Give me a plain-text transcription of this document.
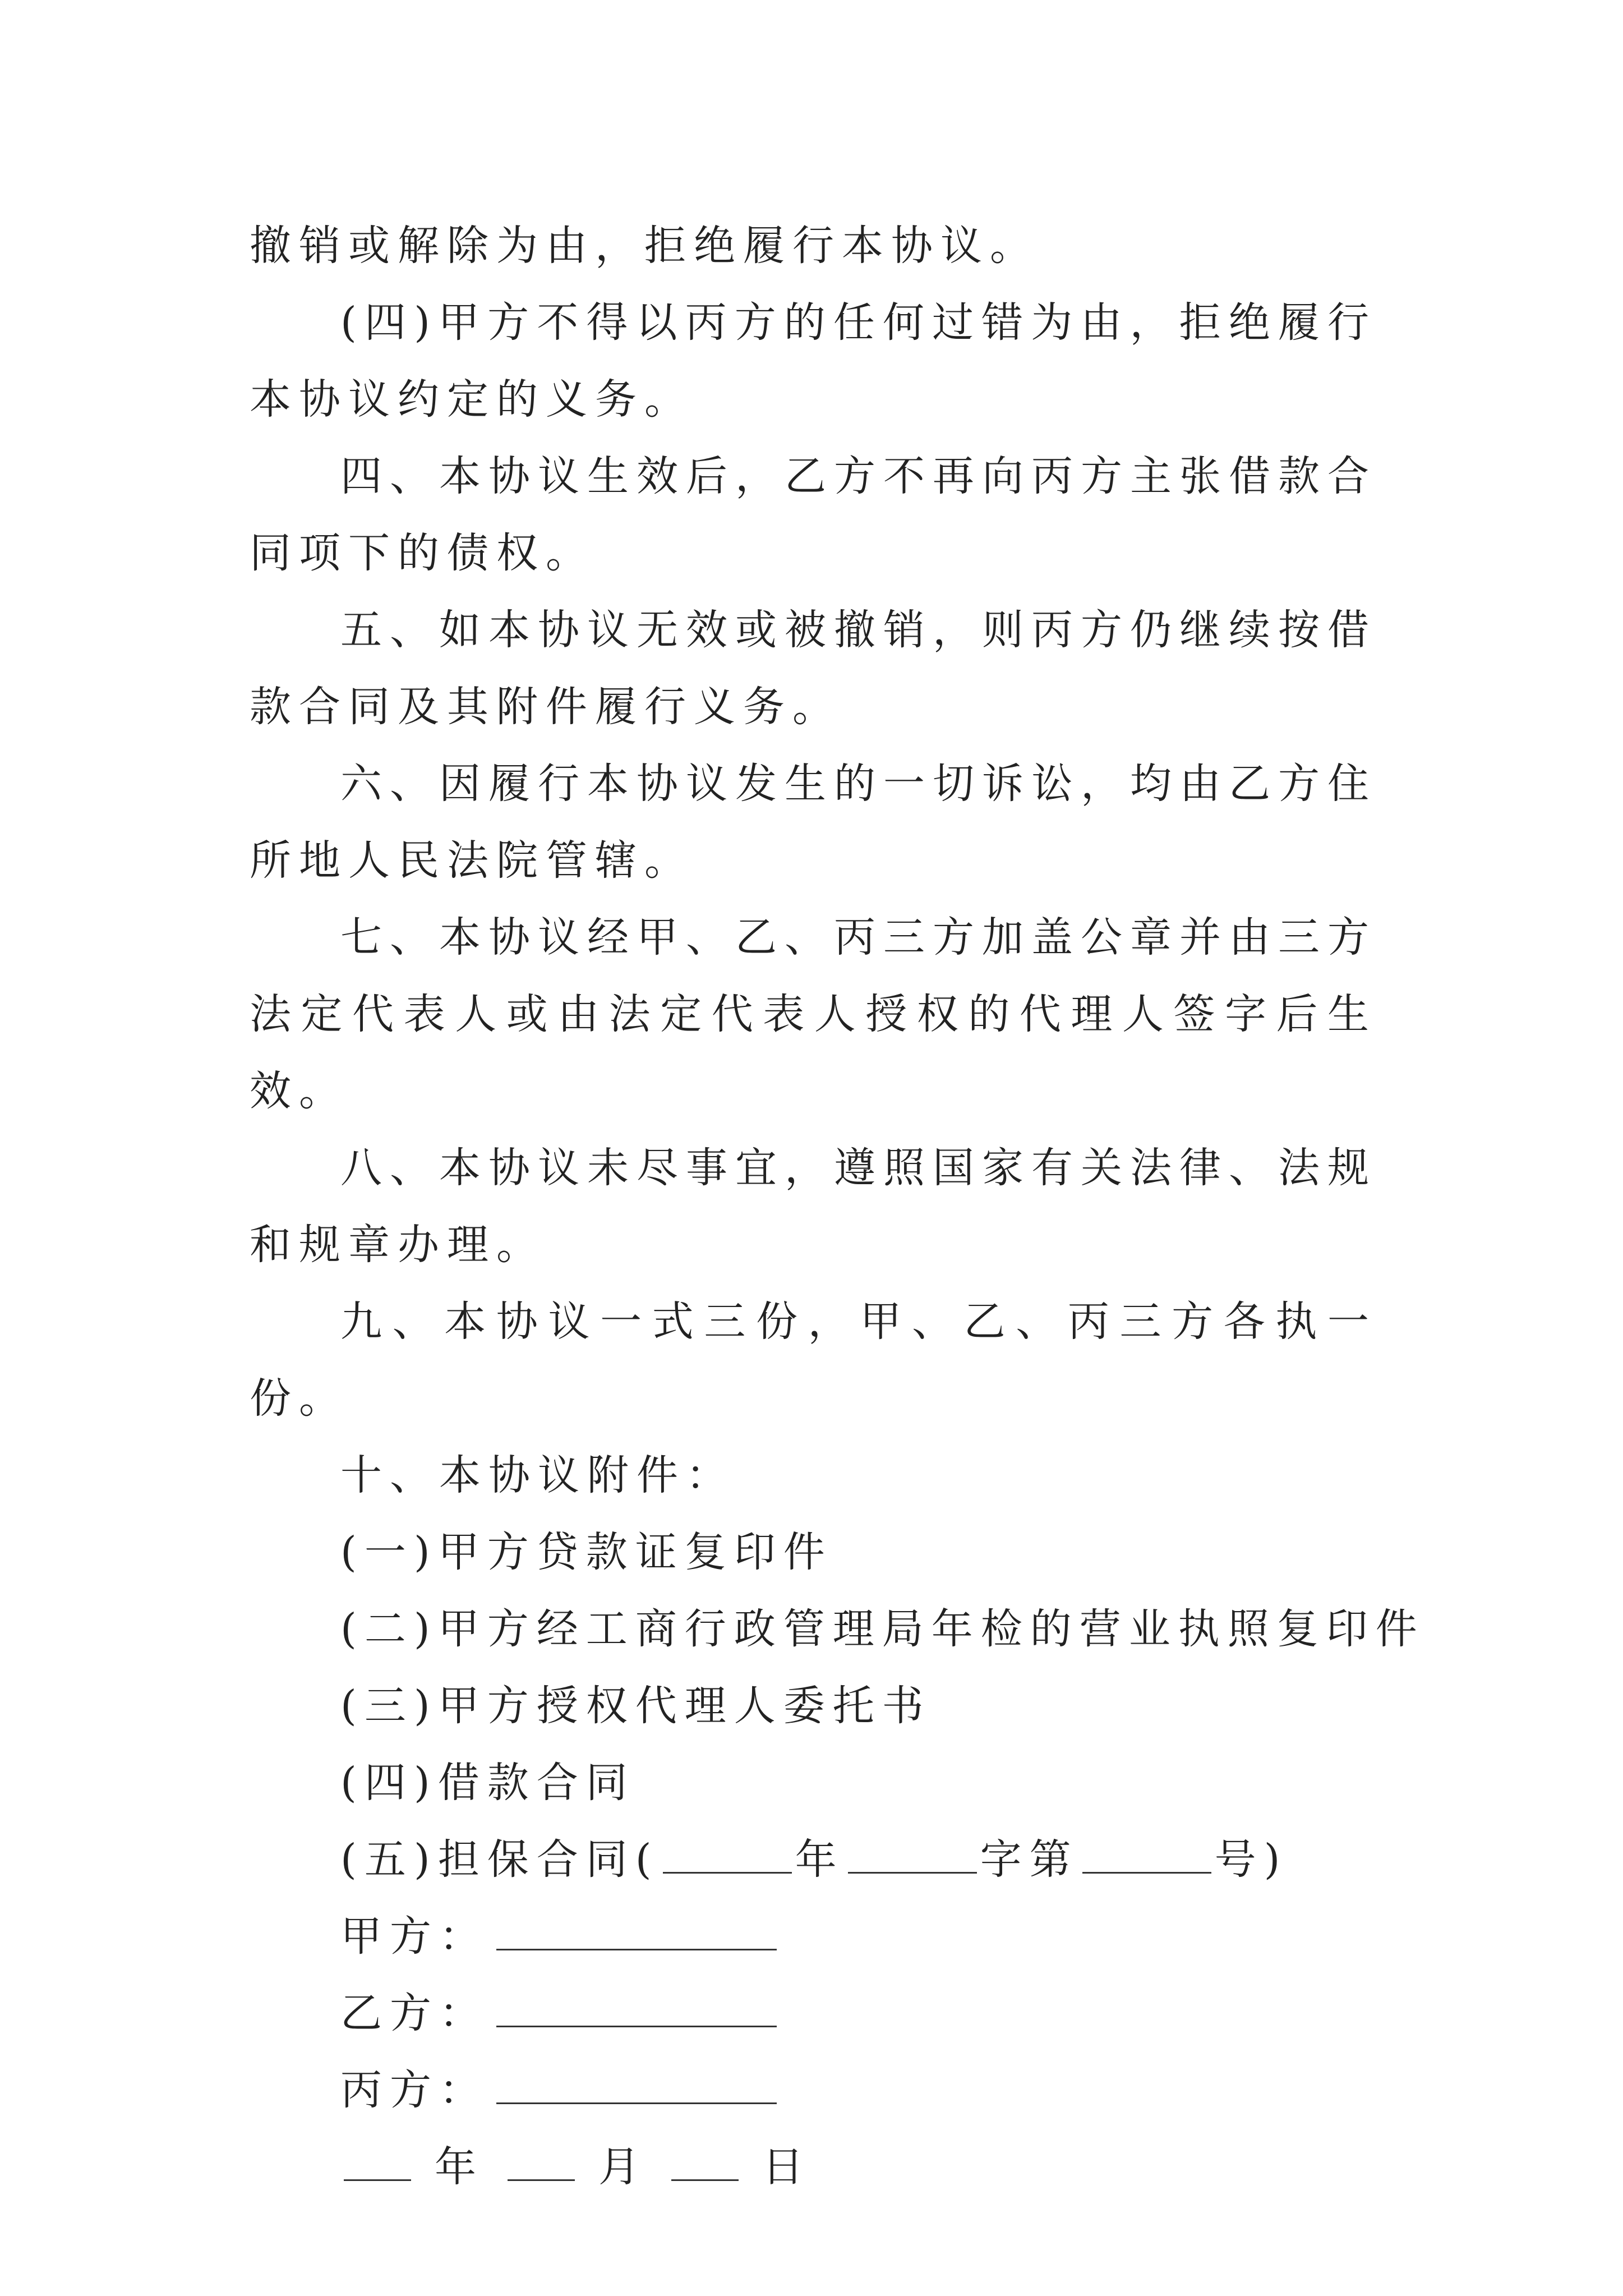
撤销或解除为由，拒绝履行本协议。

(四)甲方不得以丙方的任何过错为由，拒绝履行本协议约定的义务。

四、本协议生效后，乙方不再向丙方主张借款合同项下的债权。

五、如本协议无效或被撤销，则丙方仍继续按借款合同及其附件履行义务。

六、因履行本协议发生的一切诉讼，均由乙方住所地人民法院管辖。

七、本协议经甲、乙、丙三方加盖公章并由三方法定代表人或由法定代表人授权的代理人签字后生效。

八、本协议未尽事宜，遵照国家有关法律、法规和规章办理。

九、本协议一式三份，甲、乙、丙三方各执一份。

十、本协议附件：

(一)甲方贷款证复印件

(二)甲方经工商行政管理局年检的营业执照复印件

(三)甲方授权代理人委托书

(四)借款合同

(五)担保合同(	年	字第	号)

甲方：

乙方：

丙方：

年	月	日
